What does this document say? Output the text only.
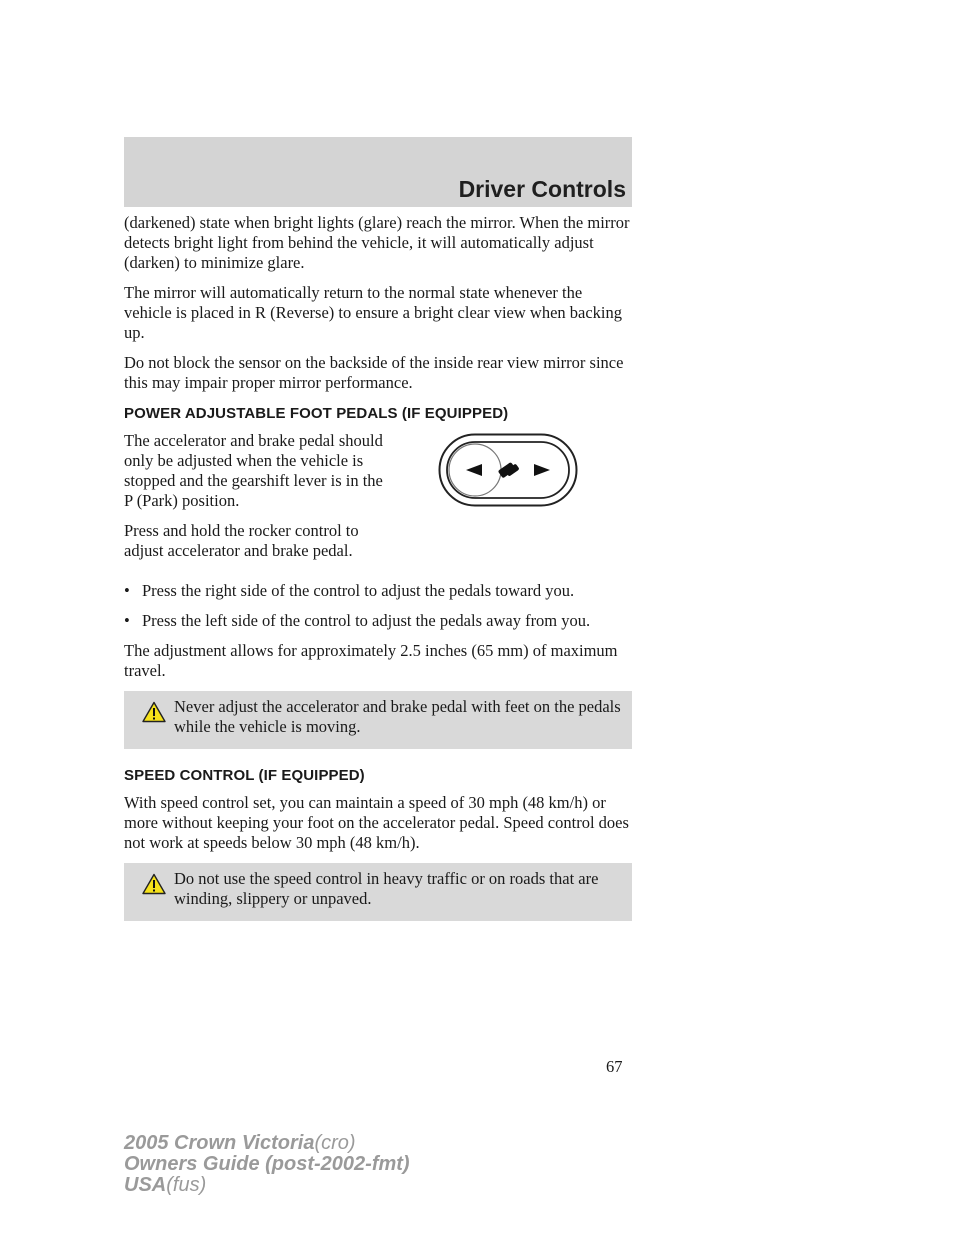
Driver Controls

(darkened) state when bright lights (glare) reach the mirror. When the mirror detects bright light from behind the vehicle, it will automatically adjust (darken) to minimize glare.

The mirror will automatically return to the normal state whenever the vehicle is placed in R (Reverse) to ensure a bright clear view when backing up.

Do not block the sensor on the backside of the inside rear view mirror since this may impair proper mirror performance.

POWER ADJUSTABLE FOOT PEDALS (IF EQUIPPED)

The accelerator and brake pedal should only be adjusted when the vehicle is stopped and the gearshift lever is in the P (Park) position.

Press and hold the rocker control to adjust accelerator and brake pedal.

• Press the right side of the control to adjust the pedals toward you.
• Press the left side of the control to adjust the pedals away from you.

The adjustment allows for approximately 2.5 inches (65 mm) of maximum travel.

Never adjust the accelerator and brake pedal with feet on the pedals while the vehicle is moving.

SPEED CONTROL (IF EQUIPPED)

With speed control set, you can maintain a speed of 30 mph (48 km/h) or more without keeping your foot on the accelerator pedal. Speed control does not work at speeds below 30 mph (48 km/h).

Do not use the speed control in heavy traffic or on roads that are winding, slippery or unpaved.

67
2005 Crown Victoria(cro)
Owners Guide (post-2002-fmt)
USA(fus)
